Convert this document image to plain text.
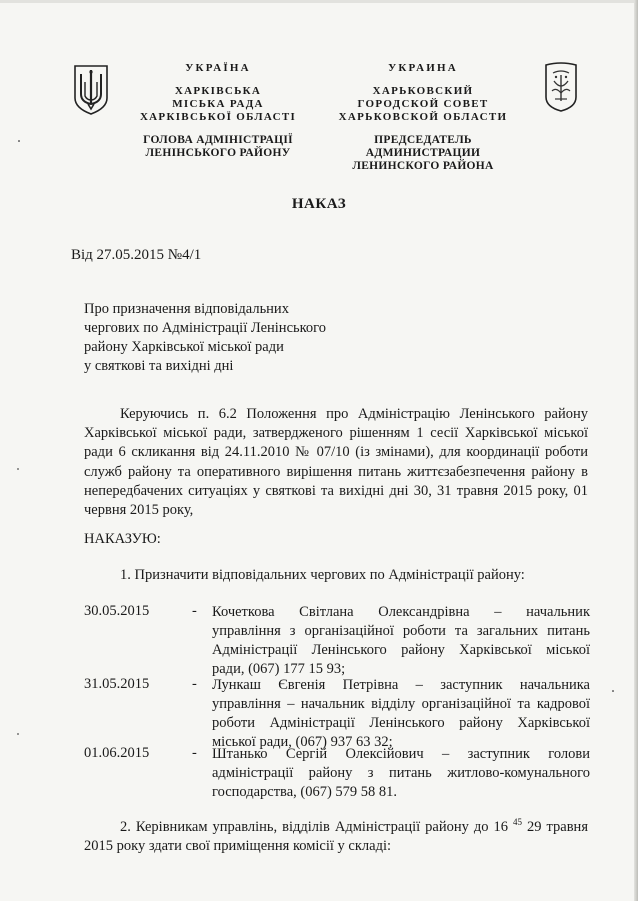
УКРАЇНА
ХАРКІВСЬКА
МІСЬКА РАДА
ХАРКІВСЬКОЇ ОБЛАСТІ
ГОЛОВА АДМІНІСТРАЦІЇ
ЛЕНІНСЬКОГО РАЙОНУ
УКРАИНА
ХАРЬКОВСКИЙ
ГОРОДСКОЙ СОВЕТ
ХАРЬКОВСКОЙ ОБЛАСТИ
ПРЕДСЕДАТЕЛЬ АДМИНИСТРАЦИИ
ЛЕНИНСКОГО РАЙОНА
НАКАЗ
Від 27.05.2015 №4/1
Про призначення відповідальних
чергових по Адміністрації Ленінського
району Харківської міської ради
у святкові та вихідні дні
Керуючись п. 6.2 Положення про Адміністрацію Ленінського району
Харківської міської ради, затвердженого рішенням 1 сесії Харківської міської
ради 6 скликання від 24.11.2010 № 07/10 (із змінами), для координації роботи
служб району та оперативного вирішення питань життєзабезпечення району в
непередбачених ситуаціях у святкові та вихідні дні 30, 31 травня 2015 року, 01
червня 2015 року,
НАКАЗУЮ:
1. Призначити відповідальних чергових по Адміністрації району:
30.05.2015	- Кочеткова Світлана Олександрівна – начальник
управління з організаційної роботи та загальних питань
Адміністрації Ленінського району Харківської міської
ради, (067) 177 15 93;
31.05.2015	- Лункаш Євгенія Петрівна – заступник начальника
управління – начальник відділу організаційної та кадрової
роботи Адміністрації Ленінського району Харківської
міської ради, (067) 937 63 32;
01.06.2015	- Штанько Сергій Олексійович – заступник голови
адміністрації району з питань житлово-комунального
господарства, (067) 579 58 81.
2. Керівникам управлінь, відділів Адміністрації району до 16 $^{45}$ 29 травня
2015 року здати свої приміщення комісії у складі:
